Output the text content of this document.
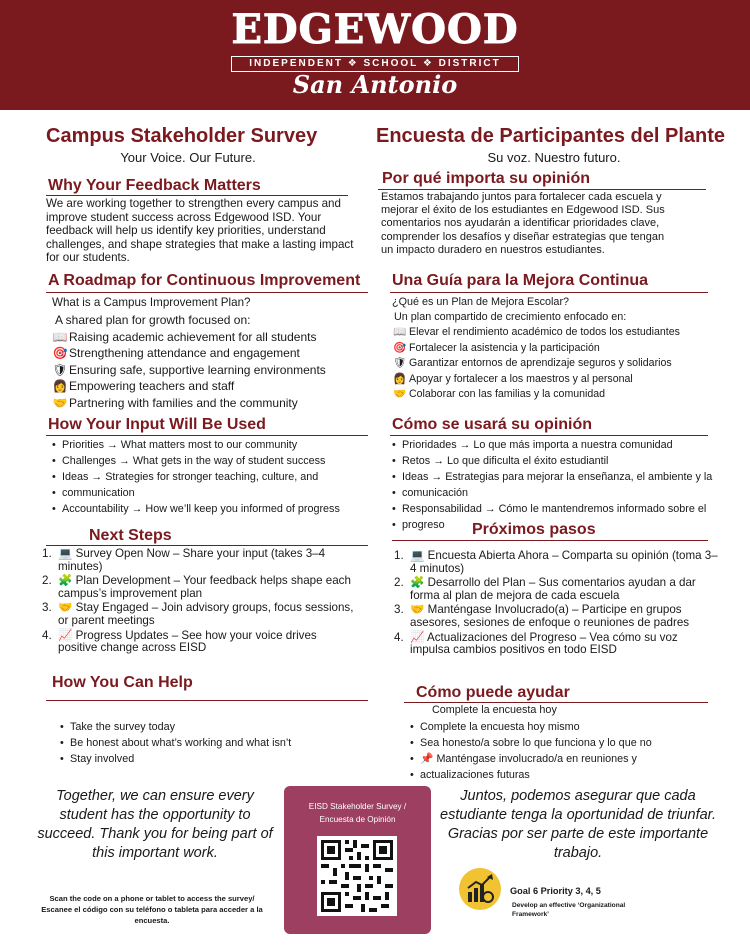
EDGEWOOD
INDEPENDENT ❖ SCHOOL ❖ DISTRICT
San Antonio
Campus Stakeholder Survey
Your Voice. Our Future.
Encuesta de Participantes del Plante
Su voz. Nuestro futuro.
Why Your Feedback Matters
We are working together to strengthen every campus and
improve student success across Edgewood ISD. Your
feedback will help us identify key priorities, understand
challenges, and shape strategies that make a lasting impact
for our students.
Por qué importa su opinión
Estamos trabajando juntos para fortalecer cada escuela y
mejorar el éxito de los estudiantes en Edgewood ISD. Sus
comentarios nos ayudarán a identificar prioridades clave,
comprender los desafíos y diseñar estrategias que tengan
un impacto duradero en nuestros estudiantes.
A Roadmap for Continuous Improvement
What is a Campus Improvement Plan?
A shared plan for growth focused on:
📖 Raising academic achievement for all students
🎯 Strengthening attendance and engagement
🛡Ensuring safe, supportive learning environments
👩 Empowering teachers and staff
🤝 Partnering with families and the community
Una Guía para la Mejora Continua
¿Qué es un Plan de Mejora Escolar?
Un plan compartido de crecimiento enfocado en:
📖 Elevar el rendimiento académico de todos los estudiantes
🎯 Fortalecer la asistencia y la participación
🛡 Garantizar entornos de aprendizaje seguros y solidarios
👩 Apoyar y fortalecer a los maestros y al personal
🤝 Colaborar con las familias y la comunidad
How Your Input Will Be Used
• Priorities → What matters most to our community
• Challenges → What gets in the way of student success
• Ideas → Strategies for stronger teaching, culture, and
• communication
• Accountability → How we’ll keep you informed of progress
Cómo se usará su opinión
• Prioridades → Lo que más importa a nuestra comunidad
• Retos → Lo que dificulta el éxito estudiantil
• Ideas → Estrategias para mejorar la enseñanza, el ambiente y la
• comunicación
• Responsabilidad → Cómo le mantendremos informado sobre el
• progreso
Next Steps
1. 💻 Survey Open Now – Share your input (takes 3–4
minutes)
2. 🧩 Plan Development – Your feedback helps shape each
campus’s improvement plan
3. 🤝 Stay Engaged – Join advisory groups, focus sessions,
or parent meetings
4. 📈 Progress Updates – See how your voice drives
positive change across EISD
Próximos pasos
1. 💻 Encuesta Abierta Ahora – Comparta su opinión (toma 3–
4 minutos)
2. 🧩 Desarrollo del Plan – Sus comentarios ayudan a dar
forma al plan de mejora de cada escuela
3. 🤝 Manténgase Involucrado(a) – Participe en grupos
asesores, sesiones de enfoque o reuniones de padres
4. 📈 Actualizaciones del Progreso – Vea cómo su voz
impulsa cambios positivos en todo EISD
How You Can Help
• Take the survey today
• Be honest about what’s working and what isn’t
• Stay involved
Cómo puede ayudar
Complete la encuesta hoy
• Complete la encuesta hoy mismo
• Sea honesto/a sobre lo que funciona y lo que no
• 📌 Manténgase involucrado/a en reuniones y
• actualizaciones futuras
Together, we can ensure every
student has the opportunity to
succeed. Thank you for being part of
this important work.
Juntos, podemos asegurar que cada
estudiante tenga la oportunidad de triunfar.
Gracias por ser parte de este importante
trabajo.
Scan the code on a phone or tablet to access the survey/
Escanee el código con su teléfono o tableta para acceder a la
encuesta.
EISD Stakeholder Survey /
Encuesta de Opinión
Goal 6 Priority 3, 4, 5
Develop an effective ‘Organizational
Framework’
